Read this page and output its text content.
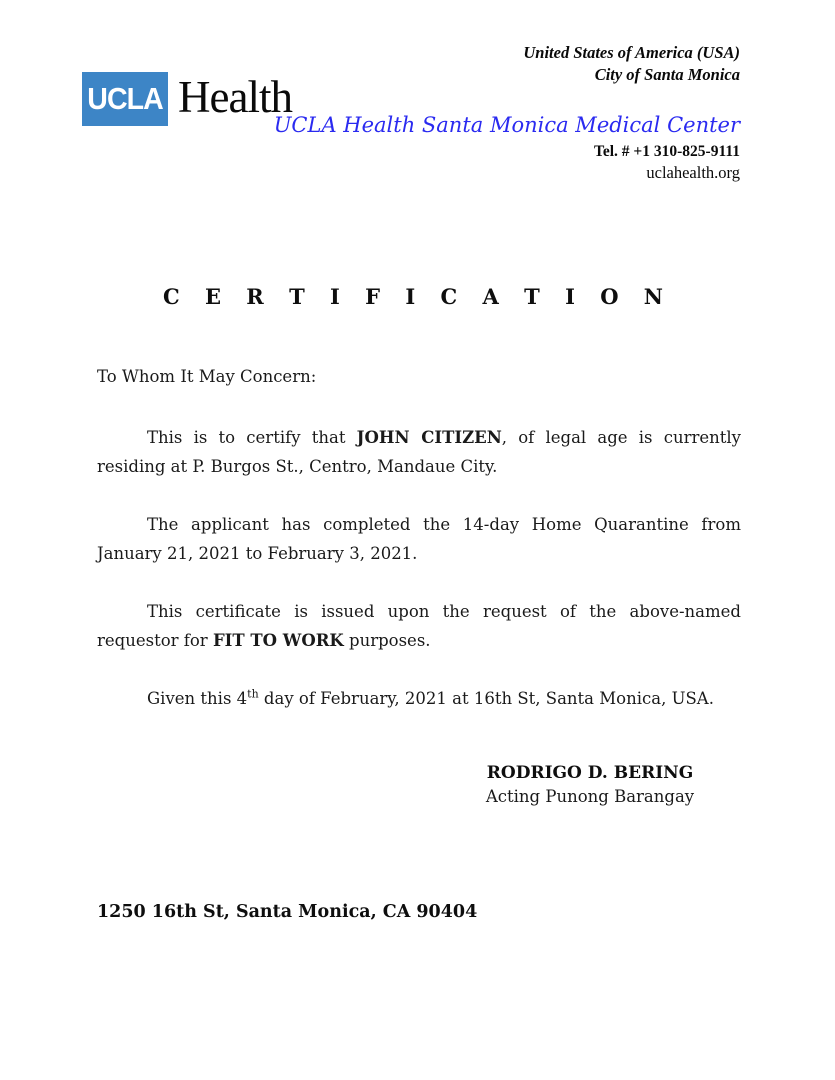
UCLA Health
United States of America (USA)
City of Santa Monica
UCLA Health Santa Monica Medical Center
Tel. # +1 310-825-9111
uclahealth.org
C E R T I F I C A T I O N
To Whom It May Concern:

This is to certify that JOHN CITIZEN, of legal age is currently residing at P. Burgos St., Centro, Mandaue City.

The applicant has completed the 14-day Home Quarantine from January 21, 2021 to February 3, 2021.

This certificate is issued upon the request of the above-named requestor for FIT TO WORK purposes.

Given this 4th day of February, 2021 at 16th St, Santa Monica, USA.

RODRIGO D. BERING
Acting Punong Barangay
1250 16th St, Santa Monica, CA 90404
